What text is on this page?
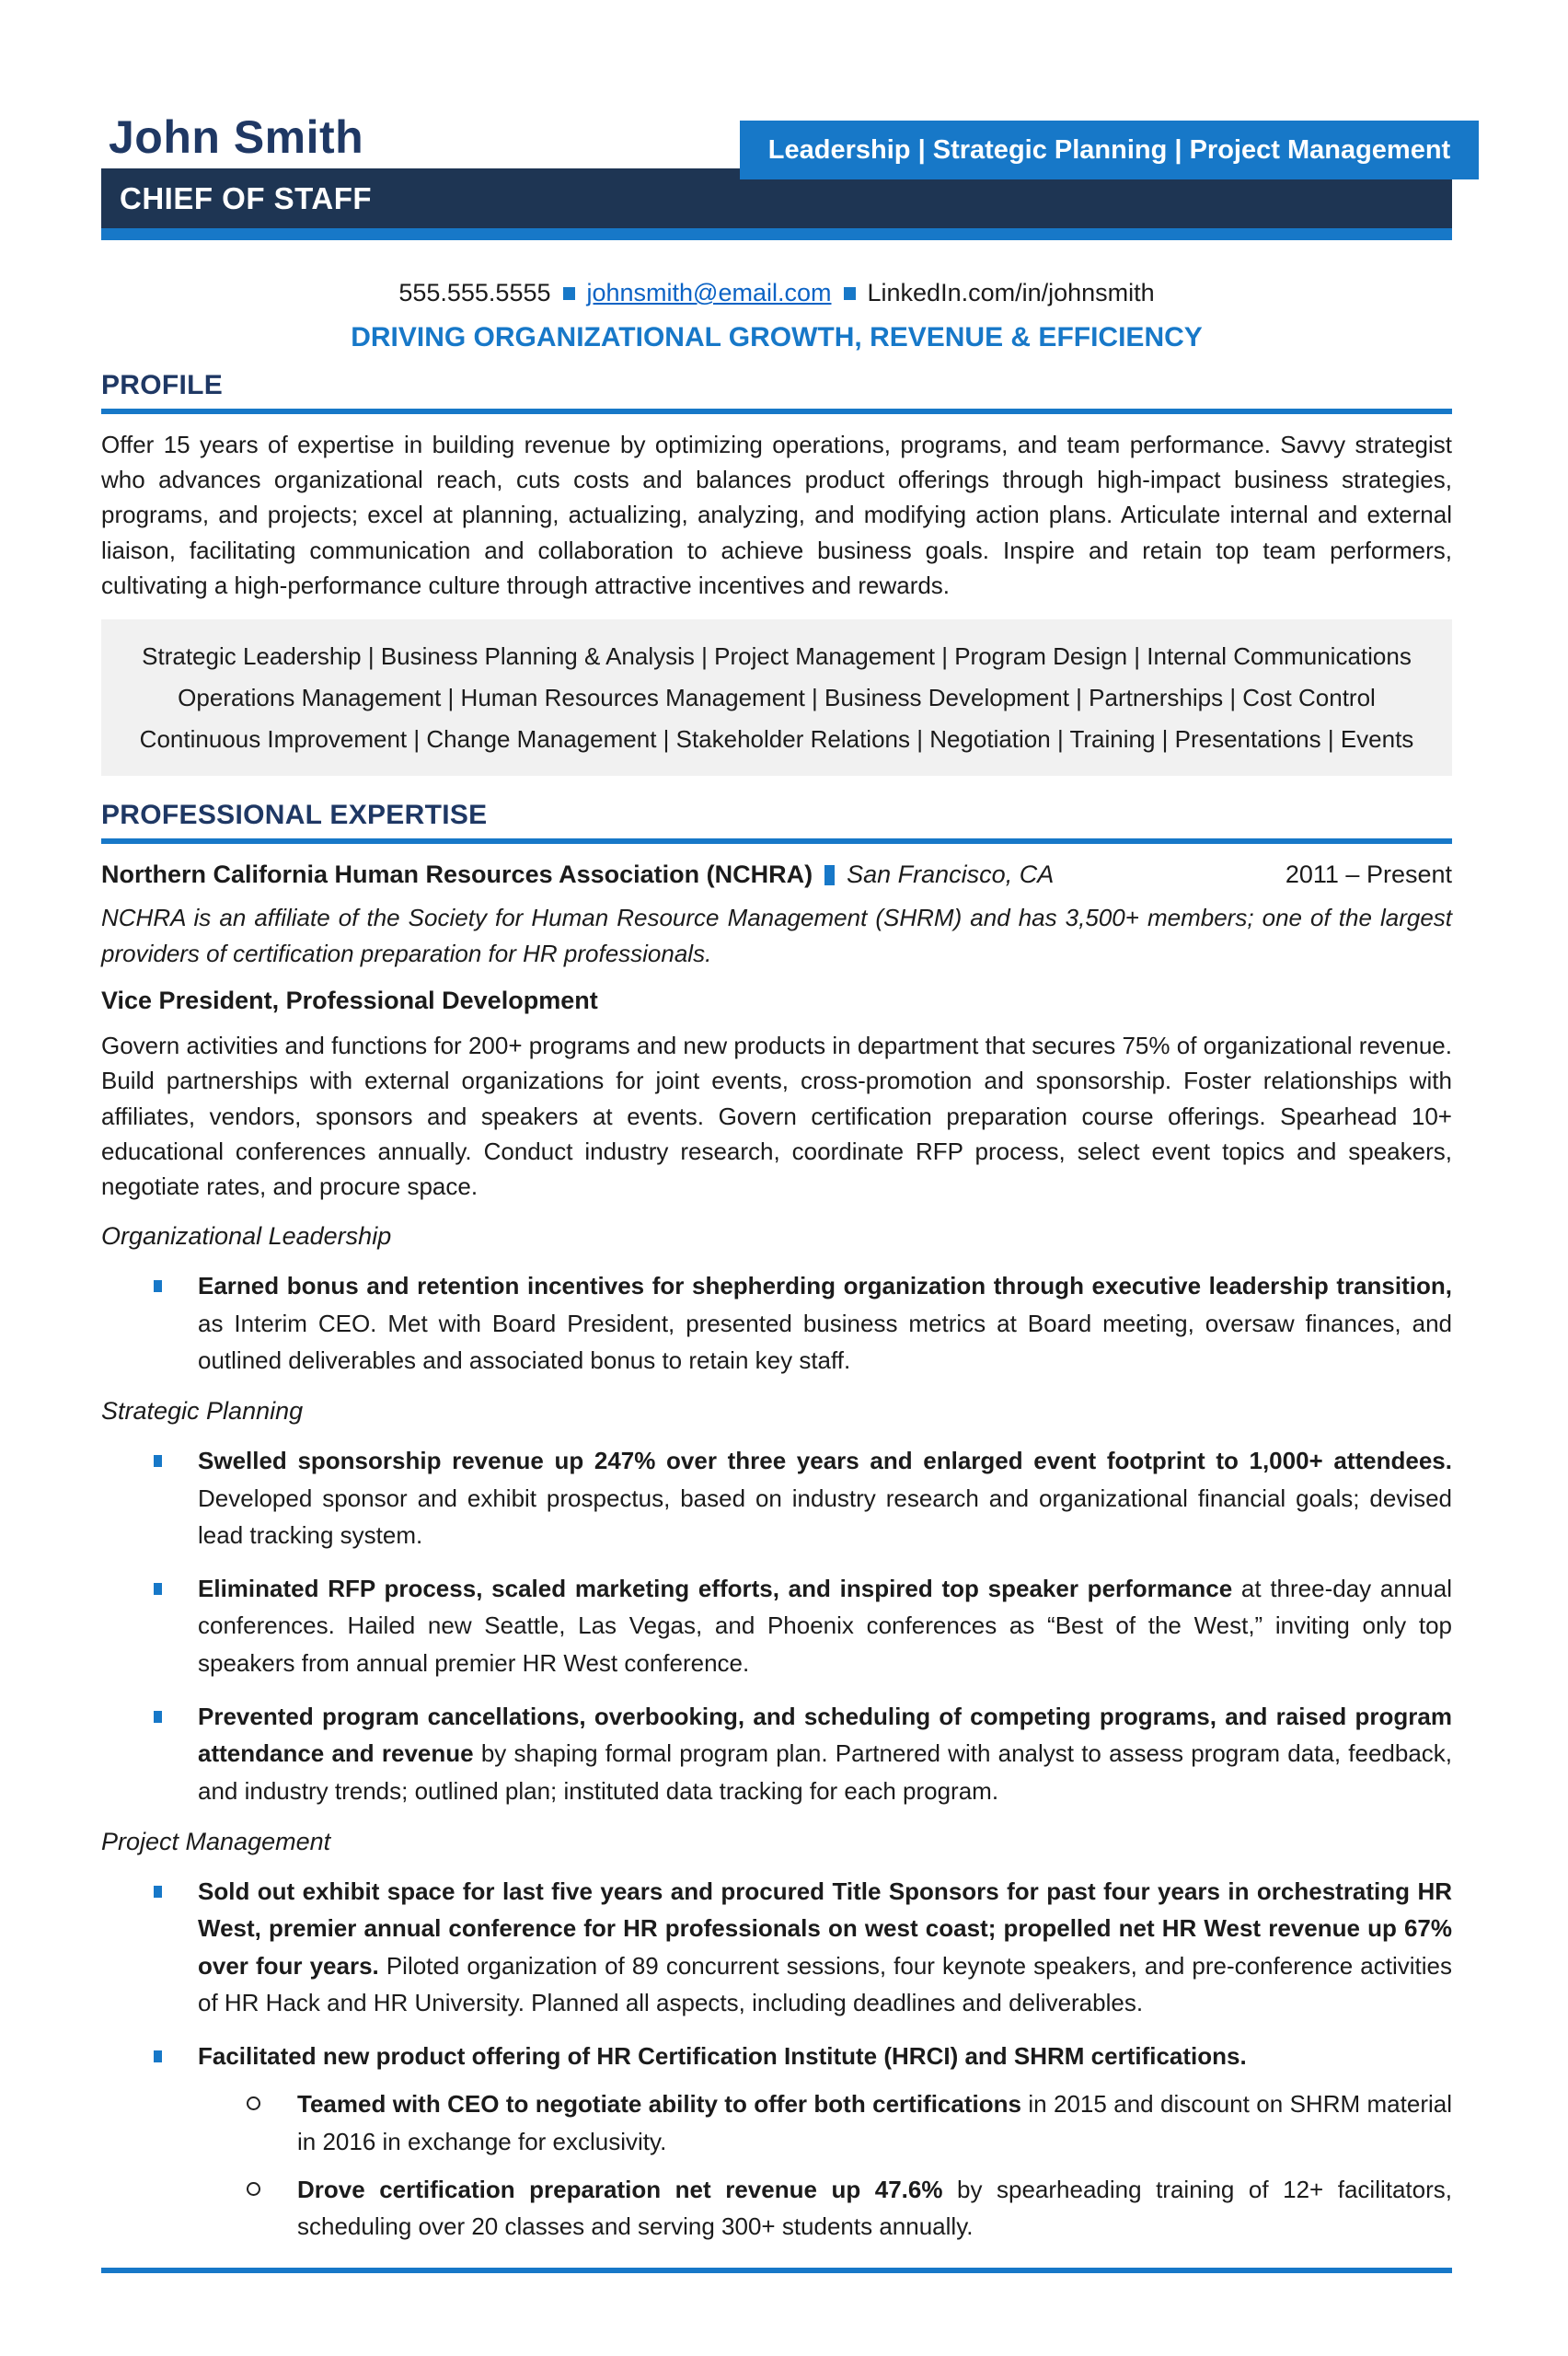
Leadership | Strategic Planning | Project Management
John Smith
CHIEF OF STAFF
555.555.5555 johnsmith@email.com LinkedIn.com/in/johnsmith
DRIVING ORGANIZATIONAL GROWTH, REVENUE & EFFICIENCY
PROFILE

Offer 15 years of expertise in building revenue by optimizing operations, programs, and team performance. Savvy strategist who advances organizational reach, cuts costs and balances product offerings through high-impact business strategies, programs, and projects; excel at planning, actualizing, analyzing, and modifying action plans. Articulate internal and external liaison, facilitating communication and collaboration to achieve business goals. Inspire and retain top team performers, cultivating a high-performance culture through attractive incentives and rewards.

Strategic Leadership | Business Planning & Analysis | Project Management | Program Design | Internal Communications
Operations Management | Human Resources Management | Business Development | Partnerships | Cost Control
Continuous Improvement | Change Management | Stakeholder Relations | Negotiation | Training | Presentations | Events
PROFESSIONAL EXPERTISE
Northern California Human Resources Association (NCHRA) San Francisco, CA	2011 – Present

NCHRA is an affiliate of the Society for Human Resource Management (SHRM) and has 3,500+ members; one of the largest providers of certification preparation for HR professionals.

Vice President, Professional Development

Govern activities and functions for 200+ programs and new products in department that secures 75% of organizational revenue. Build partnerships with external organizations for joint events, cross-promotion and sponsorship. Foster relationships with affiliates, vendors, sponsors and speakers at events. Govern certification preparation course offerings. Spearhead 10+ educational conferences annually. Conduct industry research, coordinate RFP process, select event topics and speakers, negotiate rates, and procure space.

Organizational Leadership
Earned bonus and retention incentives for shepherding organization through executive leadership transition, as Interim CEO. Met with Board President, presented business metrics at Board meeting, oversaw finances, and outlined deliverables and associated bonus to retain key staff.
Strategic Planning
Swelled sponsorship revenue up 247% over three years and enlarged event footprint to 1,000+ attendees. Developed sponsor and exhibit prospectus, based on industry research and organizational financial goals; devised lead tracking system.
Eliminated RFP process, scaled marketing efforts, and inspired top speaker performance at three-day annual conferences. Hailed new Seattle, Las Vegas, and Phoenix conferences as “Best of the West,” inviting only top speakers from annual premier HR West conference.
Prevented program cancellations, overbooking, and scheduling of competing programs, and raised program attendance and revenue by shaping formal program plan. Partnered with analyst to assess program data, feedback, and industry trends; outlined plan; instituted data tracking for each program.
Project Management
Sold out exhibit space for last five years and procured Title Sponsors for past four years in orchestrating HR West, premier annual conference for HR professionals on west coast; propelled net HR West revenue up 67% over four years. Piloted organization of 89 concurrent sessions, four keynote speakers, and pre-conference activities of HR Hack and HR University. Planned all aspects, including deadlines and deliverables.
Facilitated new product offering of HR Certification Institute (HRCI) and SHRM certifications.
Teamed with CEO to negotiate ability to offer both certifications in 2015 and discount on SHRM material in 2016 in exchange for exclusivity.
Drove certification preparation net revenue up 47.6% by spearheading training of 12+ facilitators, scheduling over 20 classes and serving 300+ students annually.
